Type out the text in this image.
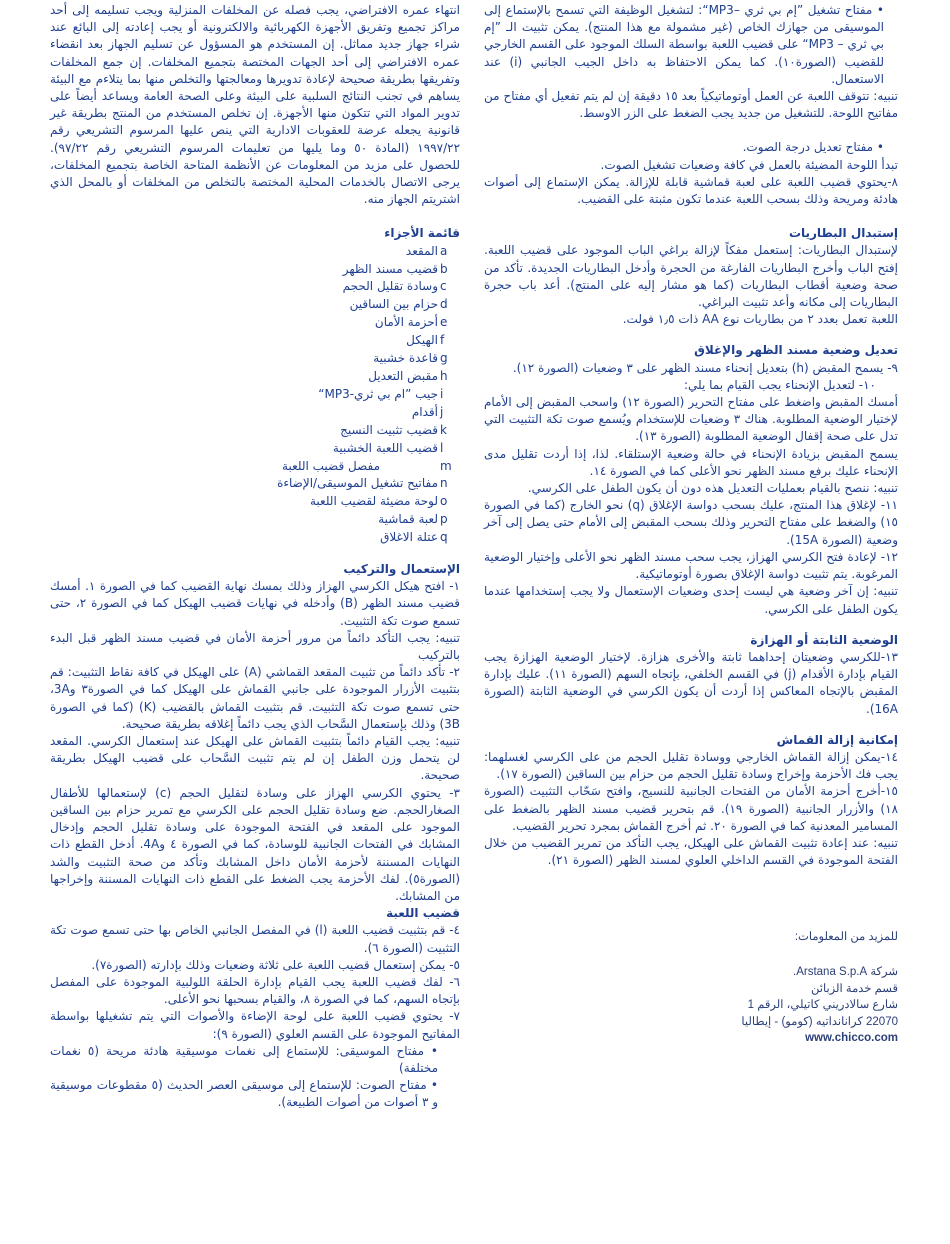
• مفتاح تشغيل ”إم بي ثري –MP3“: لتشغيل الوظيفة التي تسمح بالإستماع إلى الموسيقى من جهازك الخاص (غير مشمولة مع هذا المنتج). يمكن تثبيت الـ ”إم بي ثري – MP3“ على قضيب اللعبة بواسطة السلك الموجود على القسم الخارجي للقضيب (الصورة١٠). كما يمكن الاحتفاظ به داخل الجيب الجانبي (i) عند الاستعمال.

تنبيه: تتوقف اللعبة عن العمل أوتوماتيكياً بعد ١٥ دقيقة إن لم يتم تفعيل أي مفتاح من مفاتيح اللوحة. للتشغيل من جديد يجب الضغط على الزر الاوسط.

• مفتاح تعديل درجة الصوت.

تبدأ اللوحة المضيئة بالعمل في كافة وضعيات تشغيل الصوت.

٨-يحتوي قضيب اللعبة على لعبة قماشية قابلة للإزالة. يمكن الإستماع إلى أصوات هادئة ومريحة وذلك بسحب اللعبة عندما تكون مثبتة على القضيب.

إستبدال البطاريات

لإستبدال البطاريات: إستعمل مفكاً لإزالة براغي الباب الموجود على قضيب اللعبة. إفتح الباب وأخرج البطاريات الفارغة من الحجرة وأدخل البطاريات الجديدة. تأكد من صحة وضعية أقطاب البطاريات (كما هو مشار إليه على المنتج). أعد باب حجرة البطاريات إلى مكانه وأعد تثبيت البراغي.

اللعبة تعمل بعدد ٢ من بطاريات نوع AA ذات ١٫٥ فولت.

تعديل وضعية مسند الظهر والإغلاق

٩- يسمح المقبض (h) بتعديل إنحناء مسند الظهر على ٣ وضعيات (الصورة ١٢).

١٠- لتعديل الإنحناء يجب القيام بما يلي:

أمسك المقبض واضغط على مفتاح التحرير (الصورة ١٢) واسحب المقبض إلى الأمام لإختيار الوضعية المطلوبة. هناك ٣ وضعيات للإستخدام ويُسمع صوت تكة التثبيت التي تدل على صحة إقفال الوضعية المطلوبة (الصورة ١٣).

يسمح المقبض بزيادة الإنحناء في حالة وضعية الإستلقاء. لذا، إذا أردت تقليل مدى الإنحناء عليك برفع مسند الظهر نحو الأعلى كما في الصورة ١٤.

تنبيه: ننصح بالقيام بعمليات التعديل هذه دون أن يكون الطفل على الكرسي.

١١- لإغلاق هذا المنتج، عليك بسحب دواسة الإغلاق (q) نحو الخارج (كما في الصورة ١٥) والضغط على مفتاح التحرير وذلك بسحب المقبض إلى الأمام حتى يصل إلى آخر وضعية (الصورة 15A).

١٢- لإعادة فتح الكرسي الهزاز، يجب سحب مسند الظهر نحو الأعلى وإختيار الوضعية المرغوبة. يتم تثبيت دواسة الإغلاق بصورة أوتوماتيكية.

تنبيه: إن آخر وضعية هي ليست إحدى وضعيات الإستعمال ولا يجب إستخدامها عندما يكون الطفل على الكرسي.

الوضعية الثابتة أو الهزازة

١٣-للكرسي وضعيتان إحداهما ثابتة والأخرى هزازة. لإختيار الوضعية الهزازة يجب القيام بإدارة الأقدام (j) في القسم الخلفي، بإتجاه السهم (الصورة ١١). عليك بإدارة المقبض بالإتجاه المعاكس إذا أردت أن يكون الكرسي في الوضعية الثابتة (الصورة 16A).

إمكانية إزالة القماش

١٤-يمكن إزالة القماش الخارجي ووسادة تقليل الحجم من على الكرسي لغسلهما: يجب فك الأحزمة وإخراج وسادة تقليل الحجم من حزام بين الساقين (الصورة ١٧).

١٥-أخرج أحزمة الأمان من الفتحات الجانبية للنسيج، وافتح سَحّاب التثبيت (الصورة ١٨) والأزرار الجانبية (الصورة ١٩). قم بتحرير قضيب مسند الظهر بالضغط على المسامير المعدنية كما في الصورة ٢٠. ثم أخرج القماش بمجرد تحرير القضيب.

تنبيه: عند إعادة تثبيت القماش على الهيكل، يجب التأكد من تمرير القضيب من خلال الفتحة الموجودة في القسم الداخلي العلوي لمسند الظهر (الصورة ٢١).

للمزيد من المعلومات:

شركة Arstana S.p.A.

قسم خدمة الزبائن

شارع سالادريني كاتيلي، الرقم 1

22070 كرانانداتيه (كومو) - إيطاليا

www.chicco.com

انتهاء عمره الافتراضي، يجب فصله عن المخلفات المنزلية ويجب تسليمه إلى أحد مراكز تجميع وتفريق الأجهزة الكهربائية والالكترونية أو يجب إعادته إلى البائع عند شراء جهاز جديد مماثل. إن المستخدم هو المسؤول عن تسليم الجهاز بعد انقضاء عمره الافتراضي إلى أحد الجهات المختصة بتجميع المخلفات. إن جمع المخلفات وتفريقها بطريقة صحيحة لإعادة تدويرها ومعالجتها والتخلص منها بما يتلاءم مع البيئة يساهم في تجنب النتائج السلبية على البيئة وعلى الصحة العامة ويساعد أيضاً على تدوير المواد التي تتكون منها الأجهزة. إن تخلص المستخدم من المنتج بطريقة غير قانونية يجعله عرضة للعقوبات الادارية التي ينص عليها المرسوم التشريعي رقم ١٩٩٧/٢٢ (المادة ٥٠ وما يليها من تعليمات المرسوم التشريعي رقم ٩٧/٢٢). للحصول على مزيد من المعلومات عن الأنظمة المتاحة الخاصة بتجميع المخلفات، يرجى الاتصال بالخدمات المحلية المختصة بالتخلص من المخلفات أو بالمحل الذي اشتريتم الجهاز منه.

قائمة الأجزاء

a
المقعد
b
قضيب مسند الظهر
c
وسادة تقليل الحجم
d
حزام بين الساقين
e
أحزمة الأمان
f
الهيكل
g
قاعدة خشبية
h
مقبض التعديل
i
جيب ”ام بي ثري-MP3“
j
أقدام
k
قضيب تثبيت النسيج
l
قضيب اللعبة الخشبية
m
مفصل قضيب اللعبة
n
مفاتيح تشغيل الموسيقى/الإضاءة
o
لوحة مضيئة لقضيب اللعبة
p
لعبة قماشية
q
عتلة الاغلاق

الإستعمال والتركيب

١- افتح هيكل الكرسي الهزاز وذلك بمسك نهاية القضيب كما في الصورة ١. أمسك قضيب مسند الظهر (B) وأدخله في نهايات قضيب الهيكل كما في الصورة ٢، حتى تسمع صوت تكة التثبيت.

تنبيه: يجب التأكد دائماً من مرور أحزمة الأمان في قضيب مسند الظهر قبل البدء بالتركيب

٢- تأكد دائماً من تثبيت المقعد القماشي (A) على الهيكل في كافة نقاط التثبيت: قم بتثبيت الأزرار الموجودة على جانبي القماش على الهيكل كما في الصورة٣ و3A، حتى تسمع صوت تكة التثبيت. قم بتثبيت القماش بالقضيب (K) (كما في الصورة 3B) وذلك بإستعمال السَّحاب الذي يجب دائماً إغلاقه بطريقة صحيحة.

تنبيه: يجب القيام دائماً بتثبيت القماش على الهيكل عند إستعمال الكرسي. المقعد لن يتحمل وزن الطفل إن لم يتم تثبيت السَّحاب على قضيب الهيكل بطريقة صحيحة.

٣- يحتوي الكرسي الهزاز على وسادة لتقليل الحجم (c) لإستعمالها للأطفال الصغارالحجم. ضع وسادة تقليل الحجم على الكرسي مع تمرير حزام بين الساقين الموجود على المقعد في الفتحة الموجودة على وسادة تقليل الحجم وإدخال المشابك في الفتحات الجانبية للوسادة، كما في الصورة ٤ و4A. أدخل القطع ذات النهايات المسننة لأحزمة الأمان داخل المشابك وتأكد من صحة التثبيت والشد (الصورة٥). لفك الأحزمة يجب الضغط على القطع ذات النهايات المسننة وإخراجها من المشابك.

قضيب اللعبة

٤- قم بتثبيت قضيب اللعبة (l) في المفصل الجانبي الخاص بها حتى تسمع صوت تكة التثبيت (الصورة ٦).

٥- يمكن إستعمال قضيب اللعبة على ثلاثة وضعيات وذلك بإدارته (الصورة٧).

٦- لفك قضيب اللعبة يجب القيام بإدارة الحلقة اللولبية الموجودة على المفصل بإتجاه السهم، كما في الصورة ٨، والقيام بسحبها نحو الأعلى.

٧- يحتوي قضيب اللعبة على لوحة الإضاءة والأصوات التي يتم تشغيلها بواسطة المفاتيح الموجودة على القسم العلوي (الصورة ٩):

• مفتاح الموسيقى: للإستماع إلى نغمات موسيقية هادئة مريحة (٥ نغمات مختلفة)

• مفتاح الصوت: للإستماع إلى موسيقى العصر الحديث (٥ مقطوعات موسيقية و ٣ أصوات من أصوات الطبيعة).
